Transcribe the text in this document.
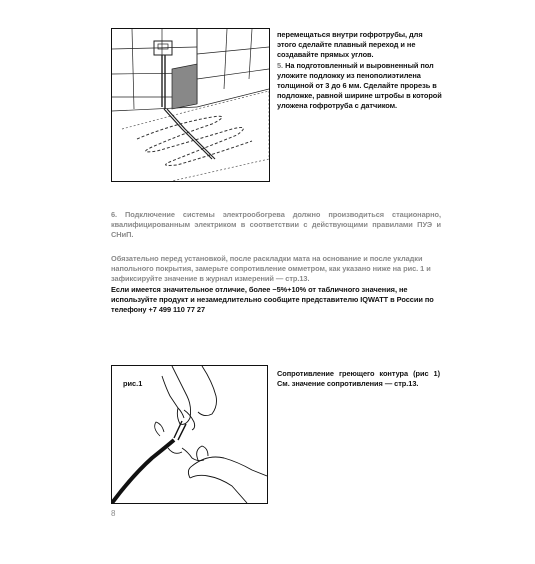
перемещаться внутри гофротрубы, для этого сделайте плавный переход и не создавайте прямых углов.
5. На подготовленный и выровненный пол уложите подложку из пенополиэтилена толщиной от 3 до 6 мм. Сделайте прорезь в подложке, равной ширине штробы в которой уложена гофротруба с датчиком.
6. Подключение системы электрообогрева должно производиться стационарно, квалифицированным электриком в соответствии с действующими правилами ПУЭ и СНиП.
Обязательно перед установкой, после раскладки мата на основание и после укладки напольного покрытия, замерьте сопротивление омметром, как указано ниже на рис. 1 и зафиксируйте значение в журнал измерений — стр.13.
Если имеется значительное отличие, более −5%+10% от табличного значения, не используйте продукт и незамедлительно сообщите представителю IQWATT в России по телефону +7 499 110 77 27
рис.1
Сопротивление греющего контура (рис 1) См. значение сопротивления — стр.13.
8
